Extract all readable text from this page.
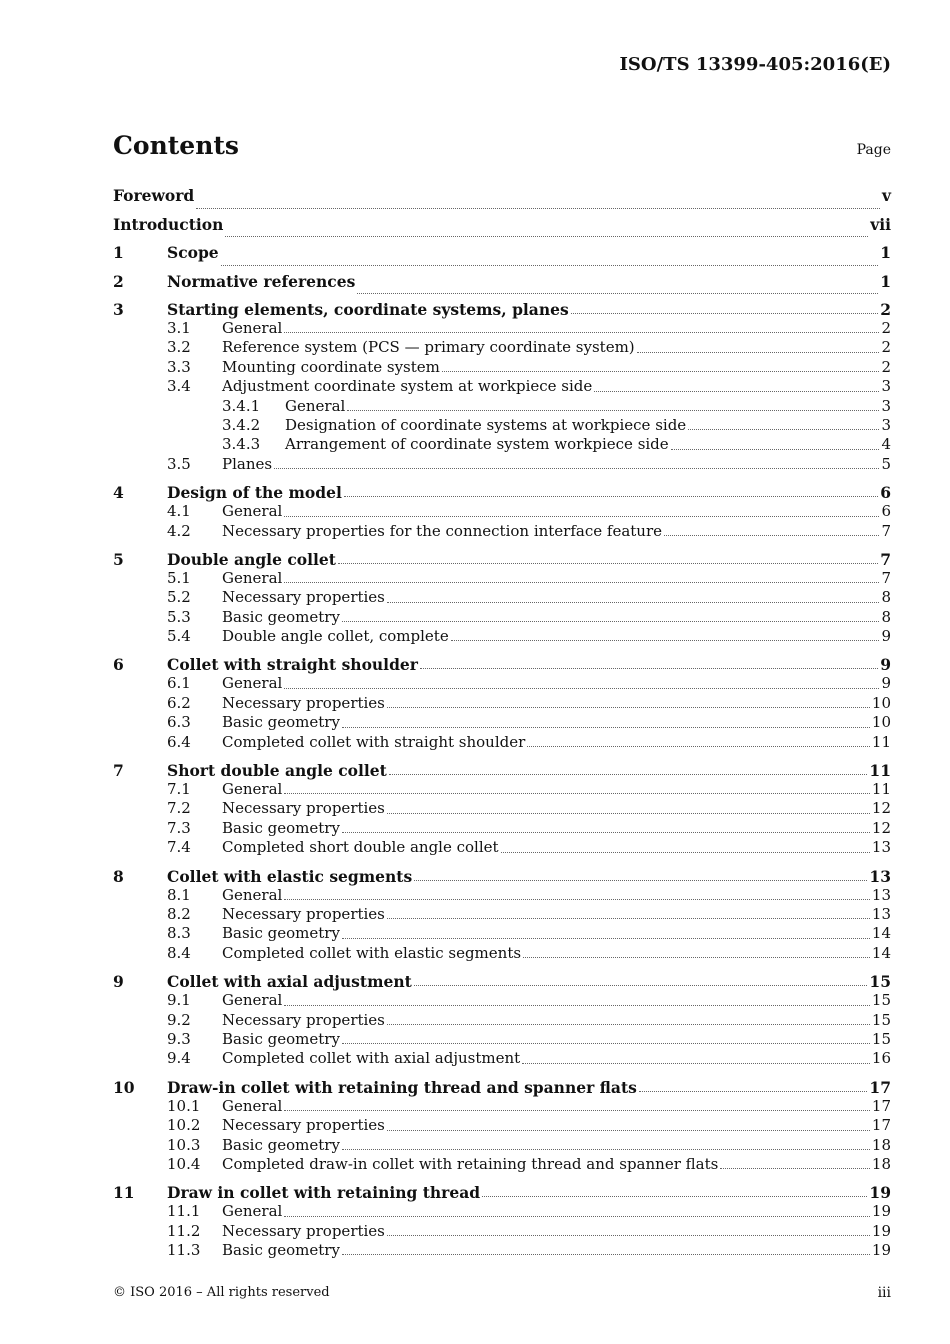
ISO/TS 13399-405:2016(E)
Contents	Page
Foreword	v
Introduction	vii
1	Scope	1
2	Normative references	1
3	Starting elements, coordinate systems, planes	2
3.1	General	2
3.2	Reference system (PCS — primary coordinate system)	2
3.3	Mounting coordinate system	2
3.4	Adjustment coordinate system at workpiece side	3
3.4.1	General	3
3.4.2	Designation of coordinate systems at workpiece side	3
3.4.3	Arrangement of coordinate system workpiece side	4
3.5	Planes	5
4	Design of the model	6
4.1	General	6
4.2	Necessary properties for the connection interface feature	7
5	Double angle collet	7
5.1	General	7
5.2	Necessary properties	8
5.3	Basic geometry	8
5.4	Double angle collet, complete	9
6	Collet with straight shoulder	9
6.1	General	9
6.2	Necessary properties	10
6.3	Basic geometry	10
6.4	Completed collet with straight shoulder	11
7	Short double angle collet	11
7.1	General	11
7.2	Necessary properties	12
7.3	Basic geometry	12
7.4	Completed short double angle collet	13
8	Collet with elastic segments	13
8.1	General	13
8.2	Necessary properties	13
8.3	Basic geometry	14
8.4	Completed collet with elastic segments	14
9	Collet with axial adjustment	15
9.1	General	15
9.2	Necessary properties	15
9.3	Basic geometry	15
9.4	Completed collet with axial adjustment	16
10	Draw-in collet with retaining thread and spanner flats	17
10.1	General	17
10.2	Necessary properties	17
10.3	Basic geometry	18
10.4	Completed draw-in collet with retaining thread and spanner flats	18
11	Draw in collet with retaining thread	19
11.1	General	19
11.2	Necessary properties	19
11.3	Basic geometry	19
© ISO 2016 – All rights reserved	iii
